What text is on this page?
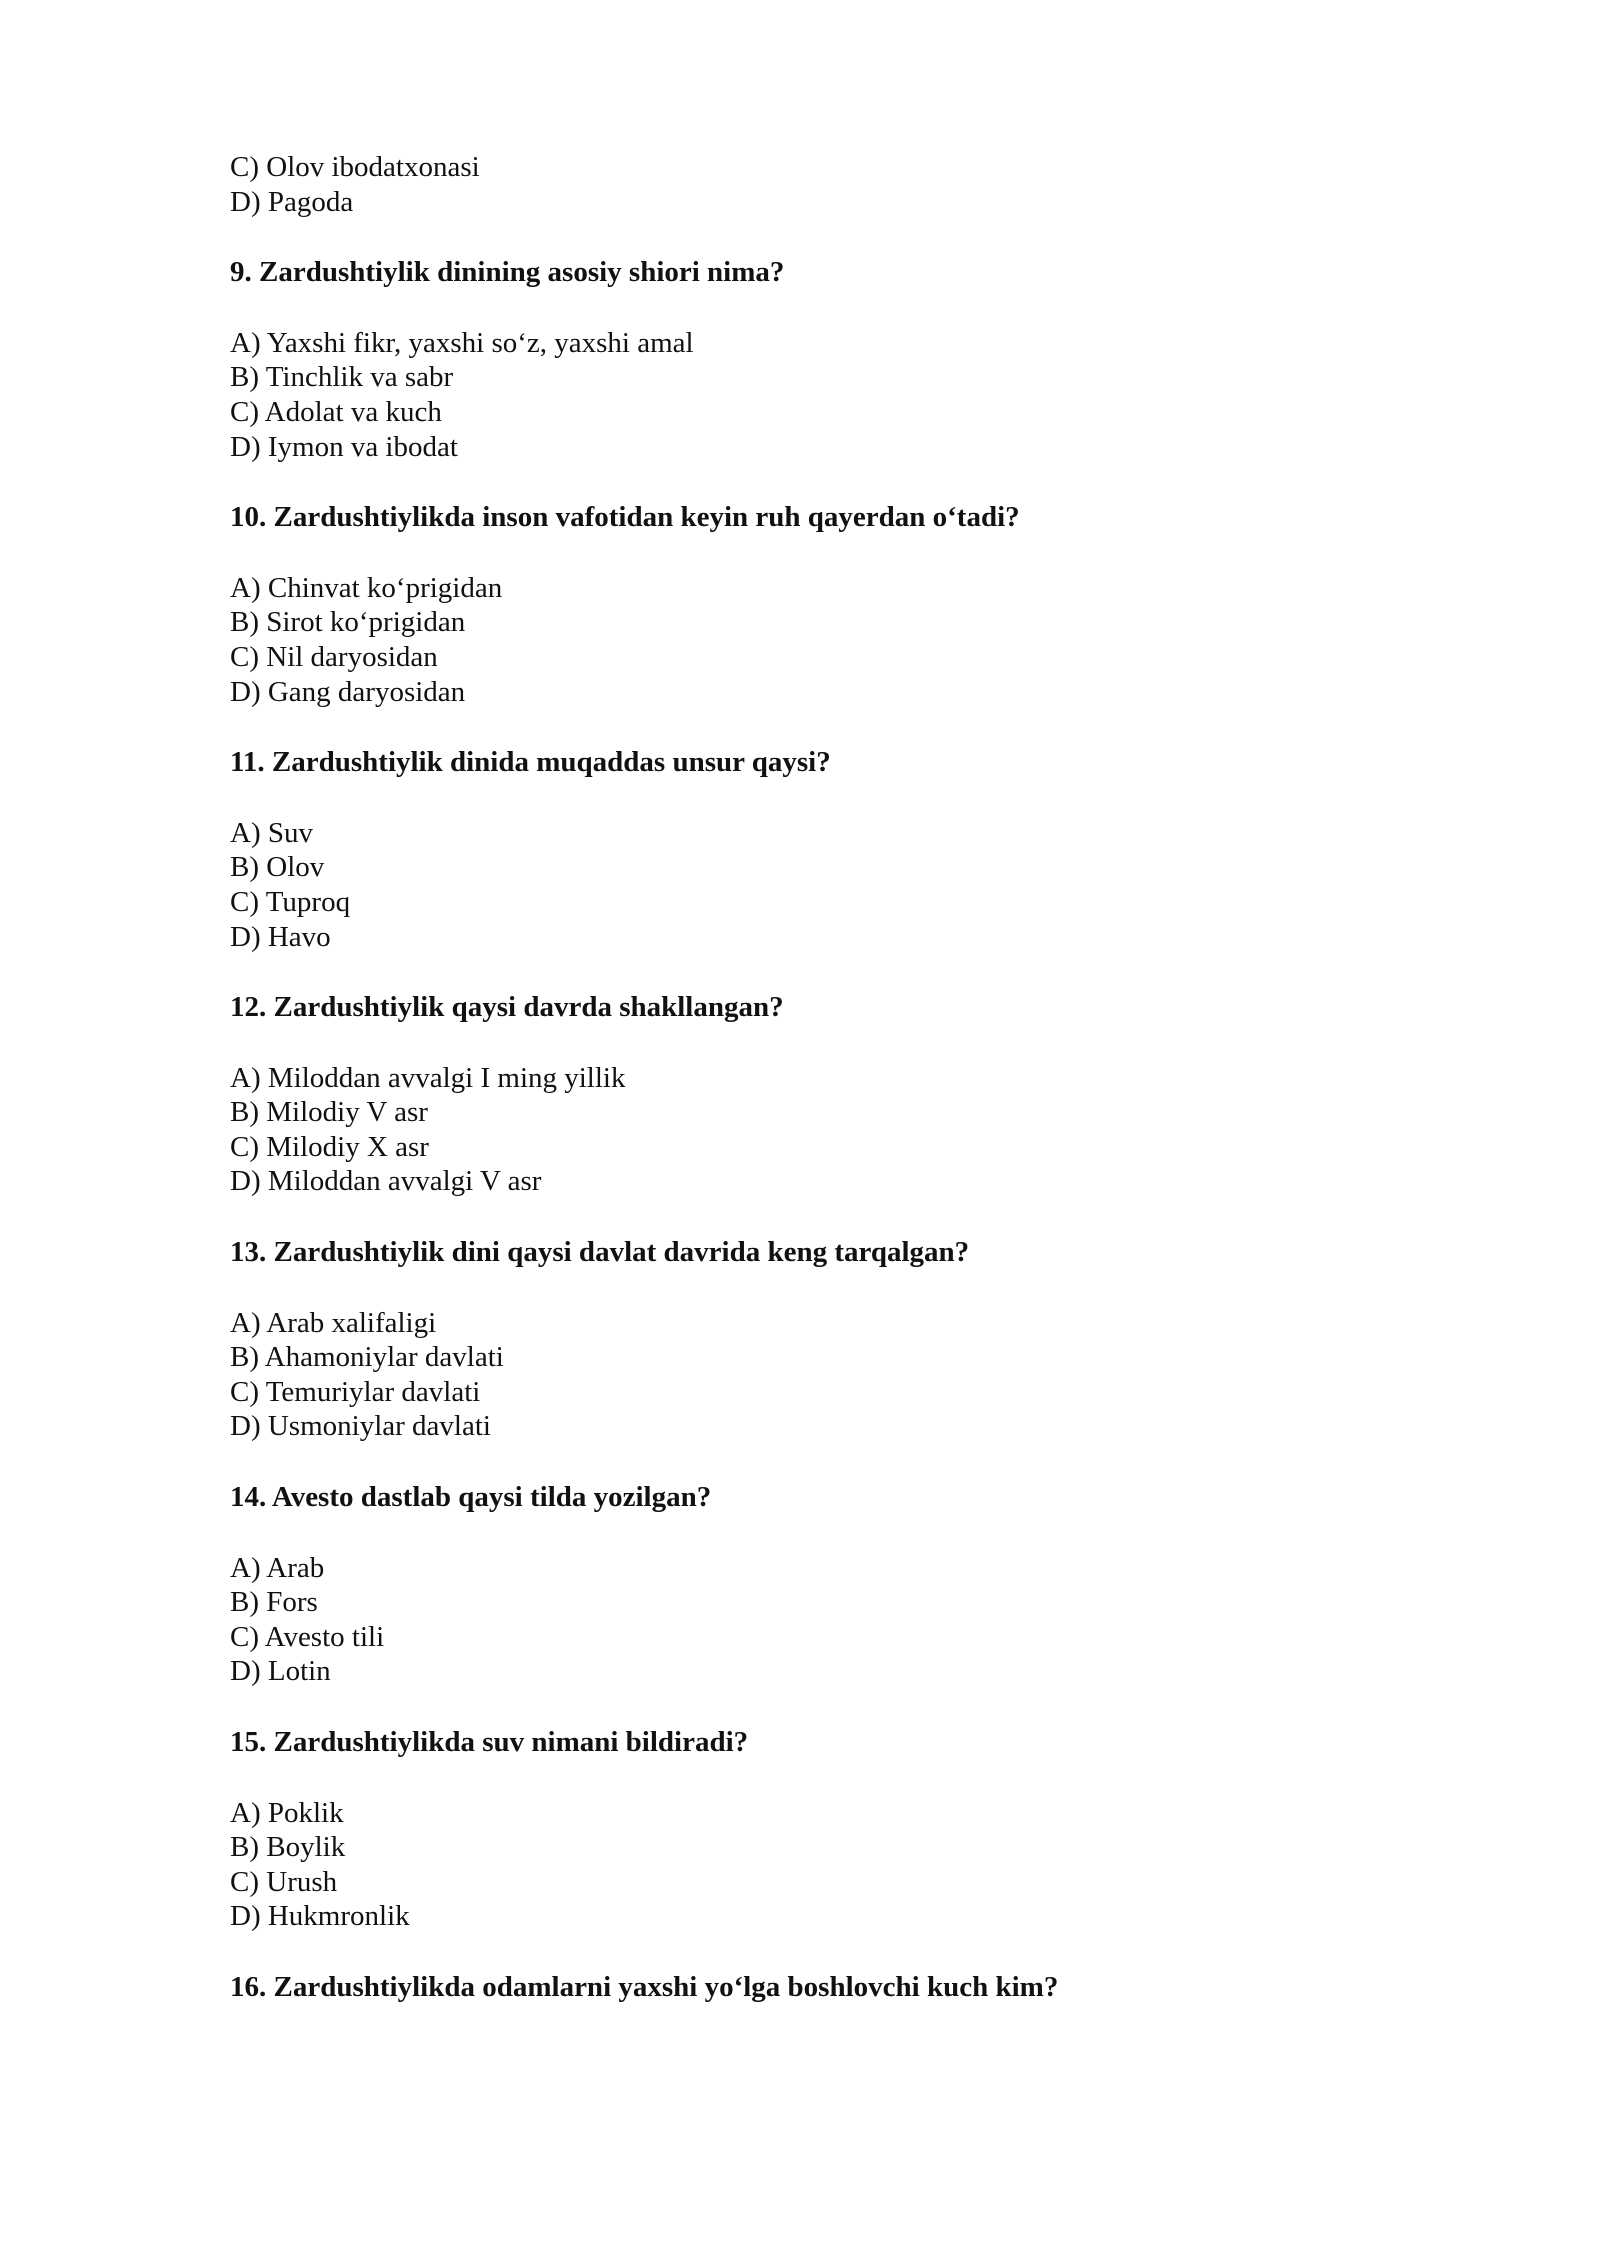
C) Olov ibodatxonasi
D) Pagoda
9. Zardushtiylik dinining asosiy shiori nima?
A) Yaxshi fikr, yaxshi so‘z, yaxshi amal
B) Tinchlik va sabr
C) Adolat va kuch
D) Iymon va ibodat
10. Zardushtiylikda inson vafotidan keyin ruh qayerdan o‘tadi?
A) Chinvat ko‘prigidan
B) Sirot ko‘prigidan
C) Nil daryosidan
D) Gang daryosidan
11. Zardushtiylik dinida muqaddas unsur qaysi?
A) Suv
B) Olov
C) Tuproq
D) Havo
12. Zardushtiylik qaysi davrda shakllangan?
A) Miloddan avvalgi I ming yillik
B) Milodiy V asr
C) Milodiy X asr
D) Miloddan avvalgi V asr
13. Zardushtiylik dini qaysi davlat davrida keng tarqalgan?
A) Arab xalifaligi
B) Ahamoniylar davlati
C) Temuriylar davlati
D) Usmoniylar davlati
14. Avesto dastlab qaysi tilda yozilgan?
A) Arab
B) Fors
C) Avesto tili
D) Lotin
15. Zardushtiylikda suv nimani bildiradi?
A) Poklik
B) Boylik
C) Urush
D) Hukmronlik
16. Zardushtiylikda odamlarni yaxshi yo‘lga boshlovchi kuch kim?
